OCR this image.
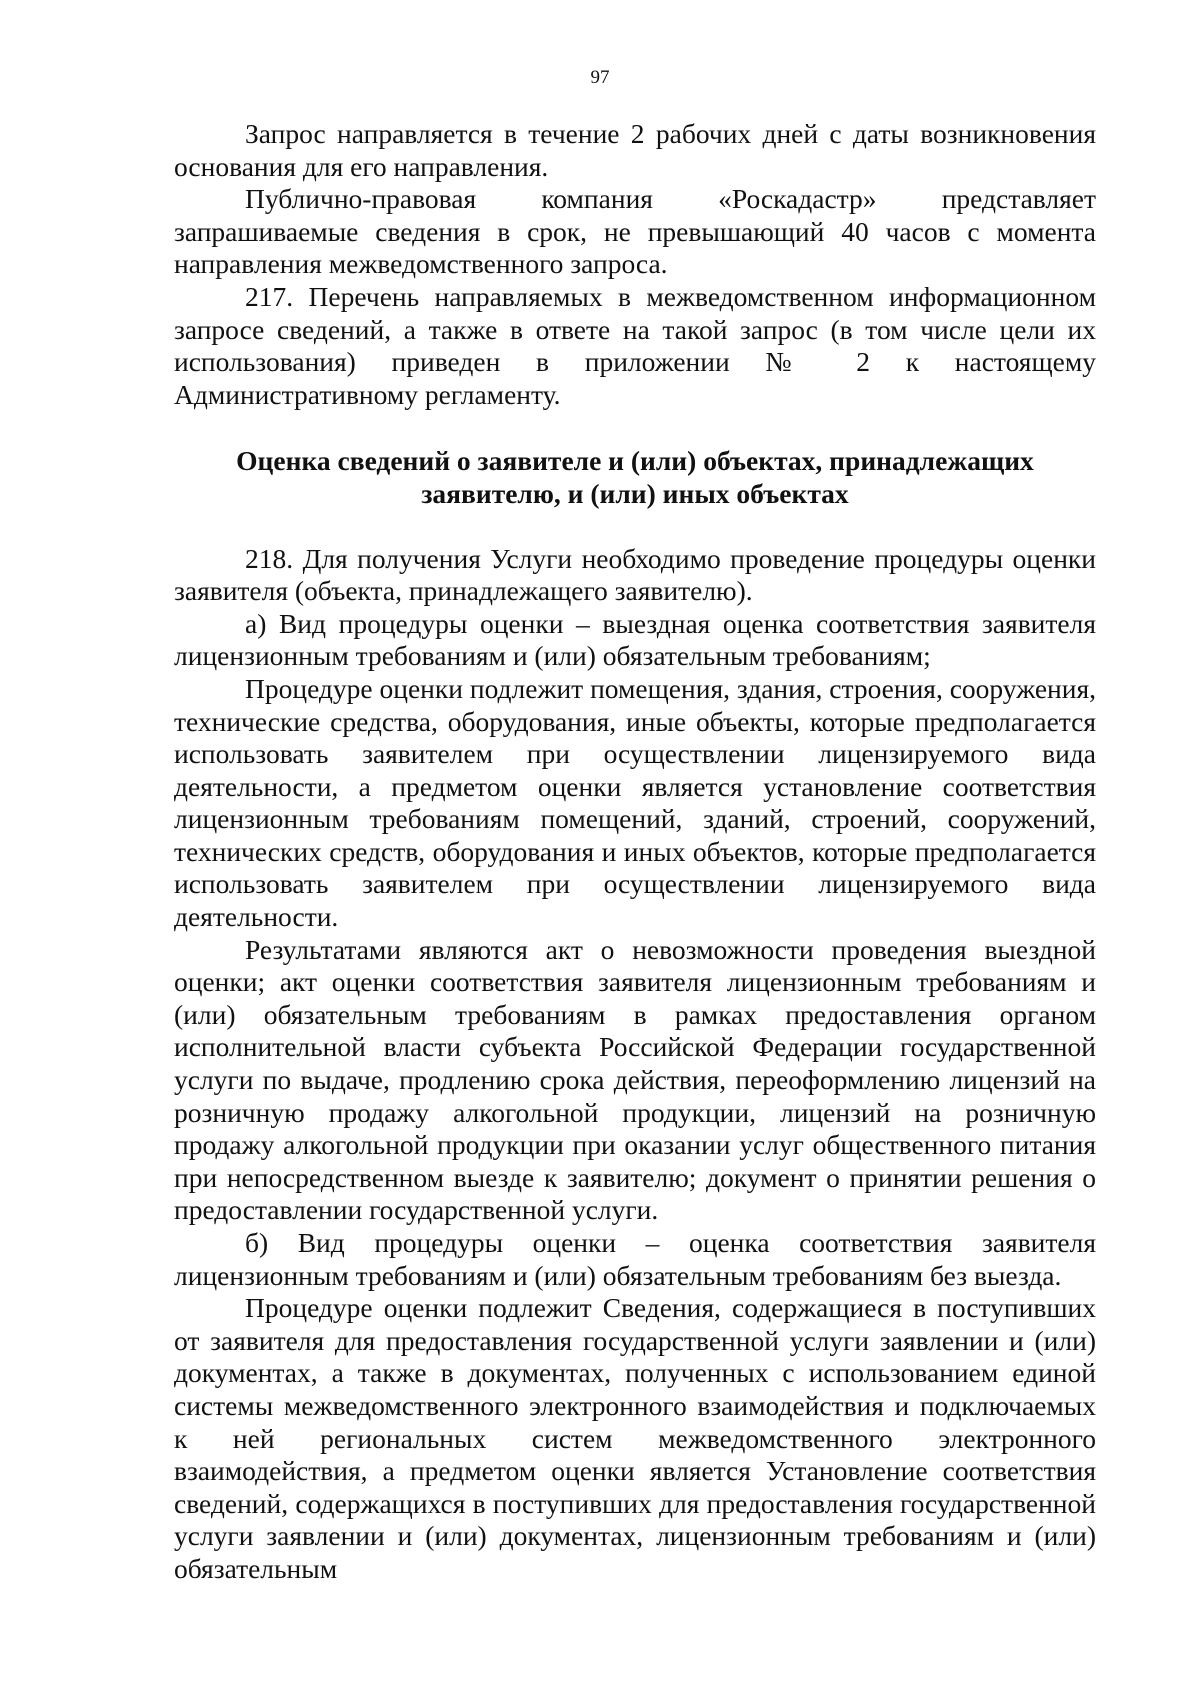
97

Запрос направляется в течение 2 рабочих дней с даты возникновения основания для его направления.

Публично-правовая компания «Роскадастр» представляет запрашиваемые сведения в срок, не превышающий 40 часов с момента направления межведомственного запроса.

217. Перечень направляемых в межведомственном информационном запросе сведений, а также в ответе на такой запрос (в том числе цели их использования) приведен в приложении № 2 к настоящему Административному регламенту.

Оценка сведений о заявителе и (или) объектах, принадлежащих
заявителю, и (или) иных объектах

218. Для получения Услуги необходимо проведение процедуры оценки заявителя (объекта, принадлежащего заявителю).

а) Вид процедуры оценки – выездная оценка соответствия заявителя лицензионным требованиям и (или) обязательным требованиям;

Процедуре оценки подлежит помещения, здания, строения, сооружения, технические средства, оборудования, иные объекты, которые предполагается использовать заявителем при осуществлении лицензируемого вида деятельности, а предметом оценки является установление соответствия лицензионным требованиям помещений, зданий, строений, сооружений, технических средств, оборудования и иных объектов, которые предполагается использовать заявителем при осуществлении лицензируемого вида деятельности.

Результатами являются акт о невозможности проведения выездной оценки; акт оценки соответствия заявителя лицензионным требованиям и (или) обязательным требованиям в рамках предоставления органом исполнительной власти субъекта Российской Федерации государственной услуги по выдаче, продлению срока действия, переоформлению лицензий на розничную продажу алкогольной продукции, лицензий на розничную продажу алкогольной продукции при оказании услуг общественного питания при непосредственном выезде к заявителю; документ о принятии решения о предоставлении государственной услуги.

б) Вид процедуры оценки – оценка соответствия заявителя лицензионным требованиям и (или) обязательным требованиям без выезда.

Процедуре оценки подлежит Сведения, содержащиеся в поступивших от заявителя для предоставления государственной услуги заявлении и (или) документах, а также в документах, полученных с использованием единой системы межведомственного электронного взаимодействия и подключаемых к ней региональных систем межведомственного электронного взаимодействия, а предметом оценки является Установление соответствия сведений, содержащихся в поступивших для предоставления государственной услуги заявлении и (или) документах, лицензионным требованиям и (или) обязательным
